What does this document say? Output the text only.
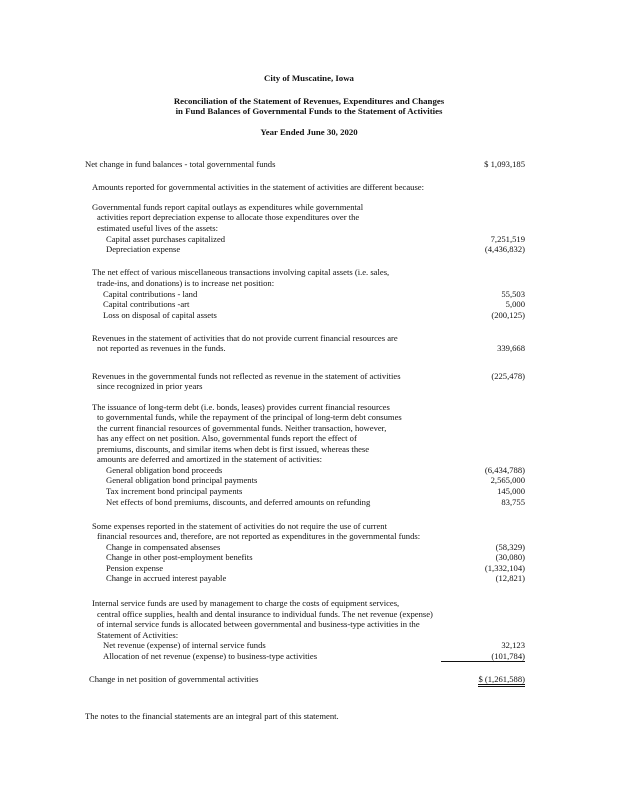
City of Muscatine, Iowa
Reconciliation of the Statement of Revenues, Expenditures and Changes
in Fund Balances of Governmental Funds to the Statement of Activities
Year Ended June 30, 2020
Net change in fund balances - total governmental funds	$ 1,093,185
Amounts reported for governmental activities in the statement of activities are different because:
Governmental funds report capital outlays as expenditures while governmental
activities report depreciation expense to allocate those expenditures over the
estimated useful lives of the assets:
Capital asset purchases capitalized	7,251,519
Depreciation expense	(4,436,832)
The net effect of various miscellaneous transactions involving capital assets (i.e. sales,
trade-ins, and donations) is to increase net position:
Capital contributions - land	55,503
Capital contributions -art	5,000
Loss on disposal of capital assets	(200,125)
Revenues in the statement of activities that do not provide current financial resources are
not reported as revenues in the funds.	339,668
Revenues in the governmental funds not reflected as revenue in the statement of activities	(225,478)
since recognized in prior years
The issuance of long-term debt (i.e. bonds, leases) provides current financial resources
to governmental funds, while the repayment of the principal of long-term debt consumes
the current financial resources of governmental funds. Neither transaction, however,
has any effect on net position. Also, governmental funds report the effect of
premiums, discounts, and similar items when debt is first issued, whereas these
amounts are deferred and amortized in the statement of activities:
General obligation bond proceeds	(6,434,788)
General obligation bond principal payments	2,565,000
Tax increment bond principal payments	145,000
Net effects of bond premiums, discounts, and deferred amounts on refunding	83,755
Some expenses reported in the statement of activities do not require the use of current
financial resources and, therefore, are not reported as expenditures in the governmental funds:
Change in compensated absenses	(58,329)
Change in other post-employment benefits	(30,080)
Pension expense	(1,332,104)
Change in accrued interest payable	(12,821)
Internal service funds are used by management to charge the costs of equipment services,
central office supplies, health and dental insurance to individual funds. The net revenue (expense)
of internal service funds is allocated between governmental and business-type activities in the
Statement of Activities:
Net revenue (expense) of internal service funds	32,123
Allocation of net revenue (expense) to business-type activities	(101,784)
Change in net position of governmental activities	$ (1,261,588)
The notes to the financial statements are an integral part of this statement.
